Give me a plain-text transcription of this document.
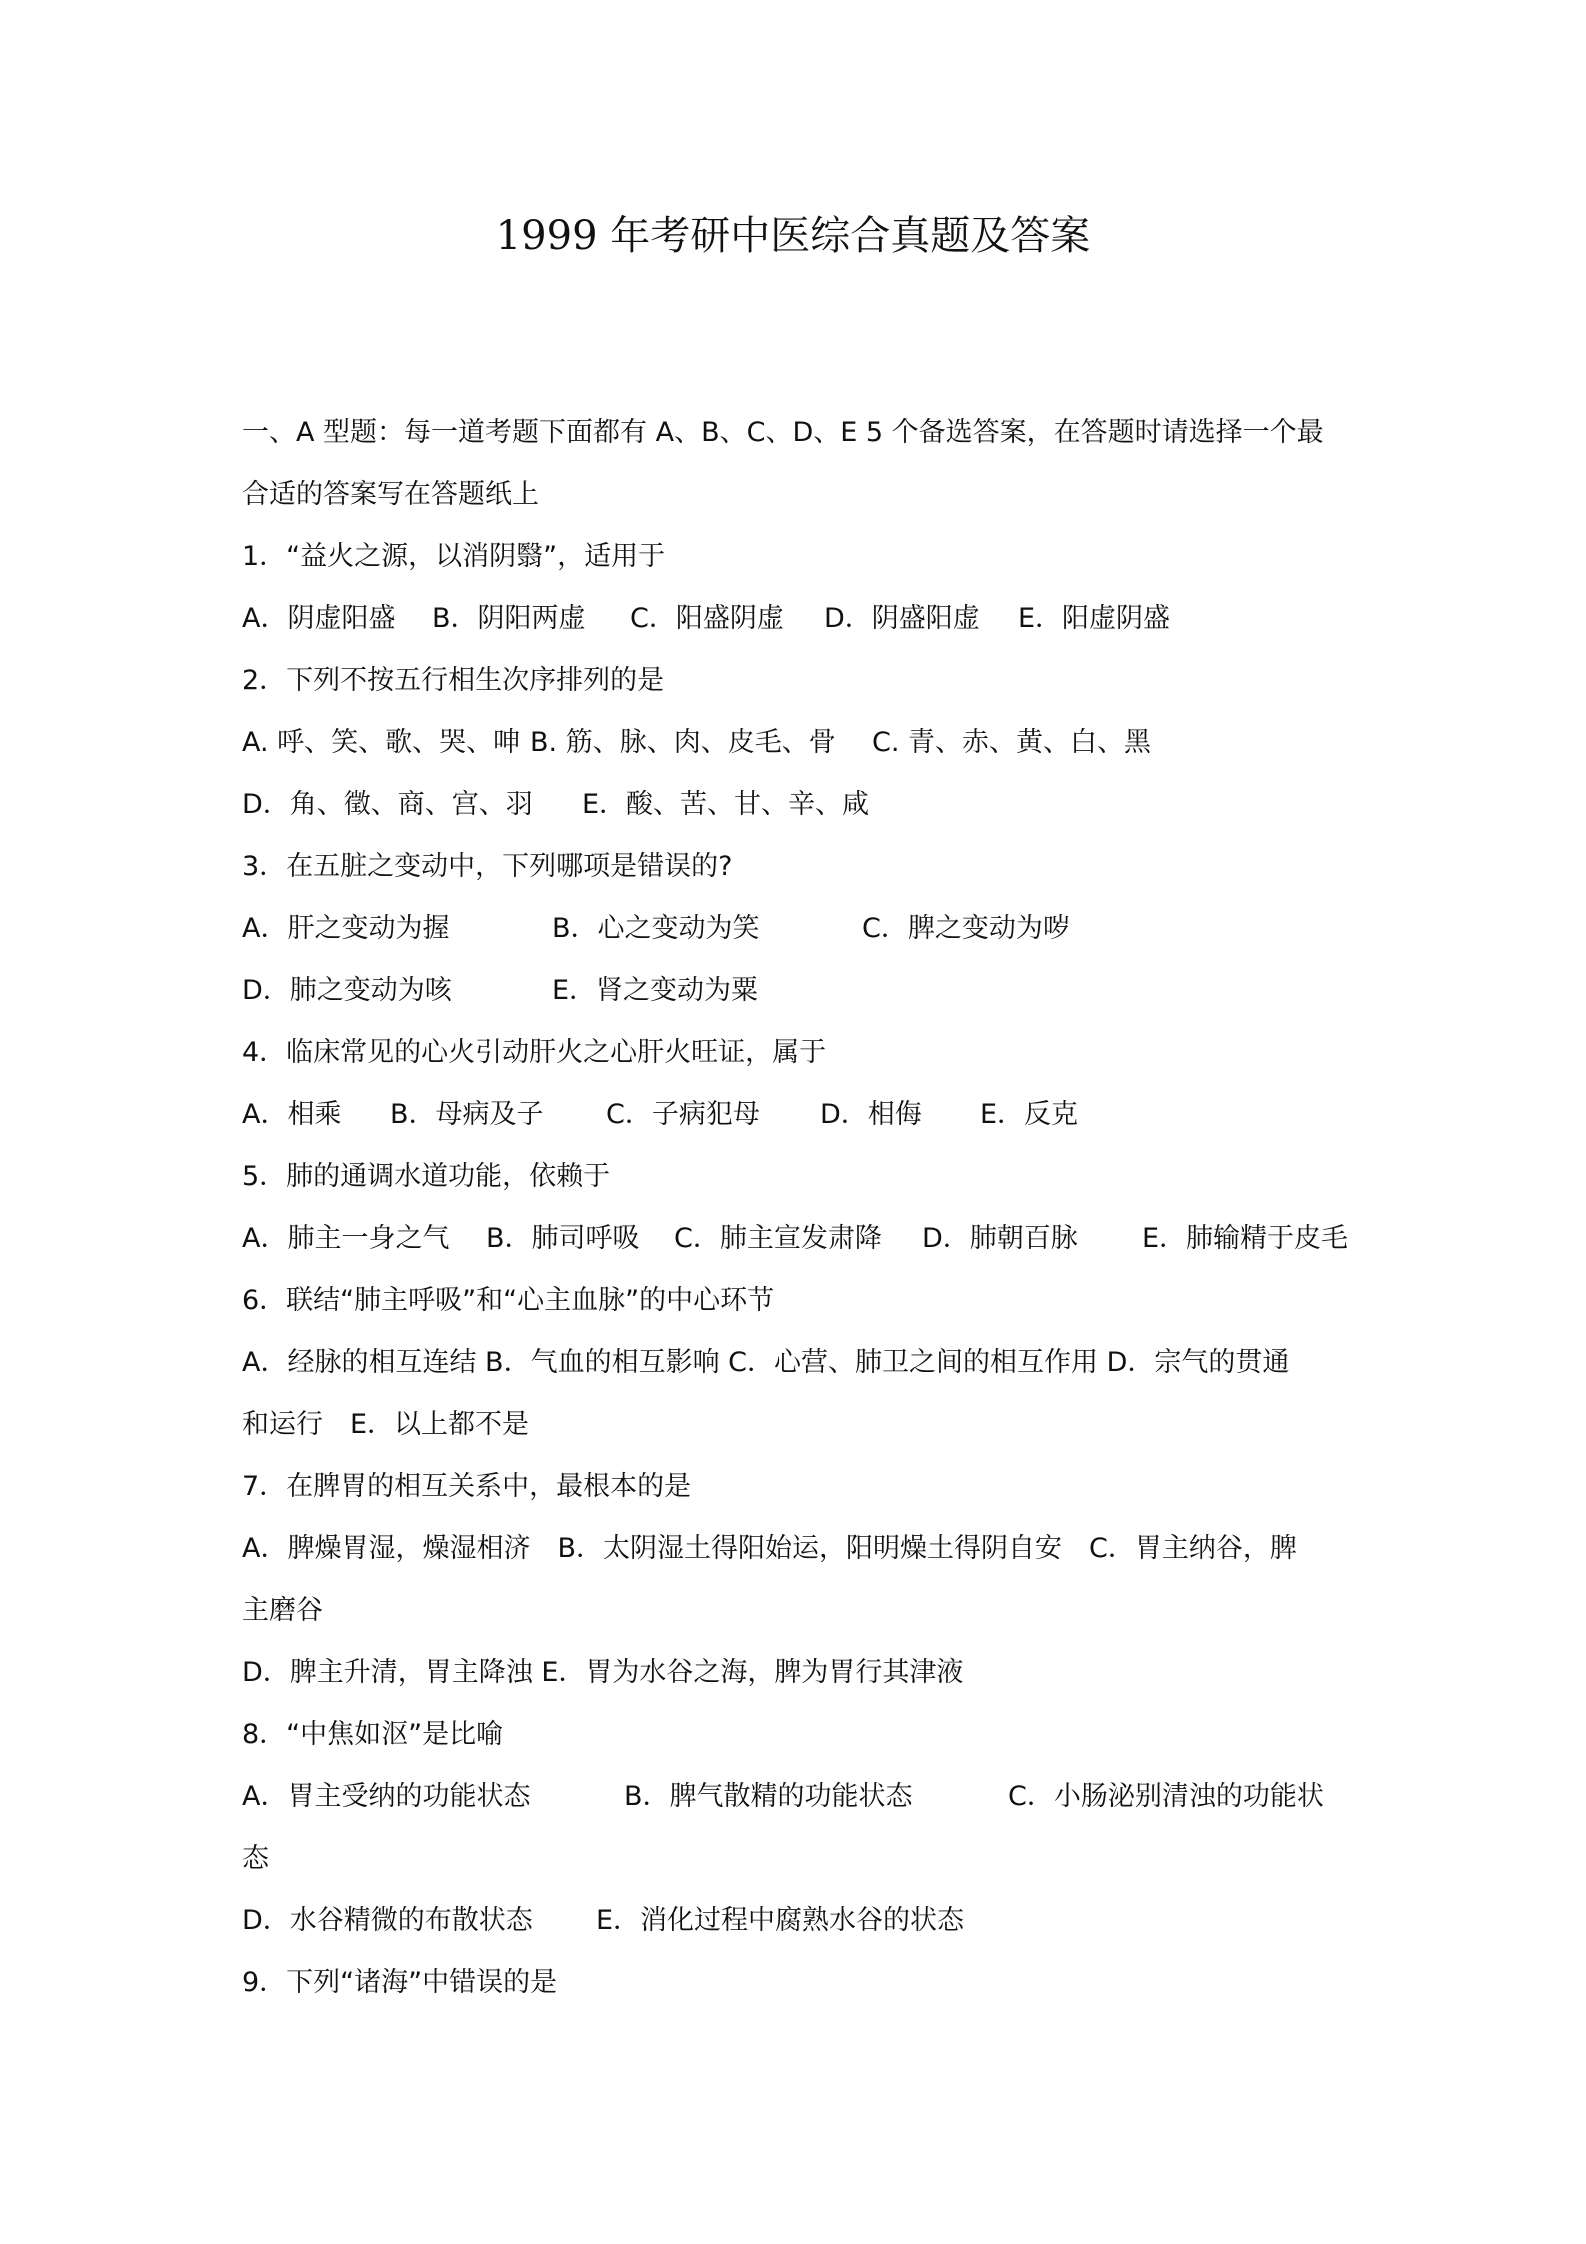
1999 年考研中医综合真题及答案
一、A 型题：每一道考题下面都有 A、B、C、D、E 5 个备选答案，在答题时请选择一个最
合适的答案写在答题纸上
1．“益火之源，以消阴翳”，适用于
A．阴虚阳盛 B．阴阳两虚 C．阳盛阴虚 D．阴盛阳虚 E．阳虚阴盛
2．下列不按五行相生次序排列的是
A. 呼、笑、歌、哭、呻 B. 筋、脉、肉、皮毛、骨 C. 青、赤、黄、白、黑
D．角、徵、商、宫、羽 E．酸、苦、甘、辛、咸
3．在五脏之变动中，下列哪项是错误的?
A．肝之变动为握	B．心之变动为笑	C．脾之变动为哕
D．肺之变动为咳	E．肾之变动为粟
4．临床常见的心火引动肝火之心肝火旺证，属于
A．相乘 B．母病及子 C．子病犯母 D．相侮 E．反克
5．肺的通调水道功能，依赖于
A．肺主一身之气 B．肺司呼吸 C．肺主宣发肃降 D．肺朝百脉 E．肺输精于皮毛
6．联结“肺主呼吸”和“心主血脉”的中心环节
A．经脉的相互连结 B．气血的相互影响 C．心营、肺卫之间的相互作用 D．宗气的贯通
和运行　E．以上都不是
7．在脾胃的相互关系中，最根本的是
A．脾燥胃湿，燥湿相济　B．太阴湿土得阳始运，阳明燥土得阴自安　C．胃主纳谷，脾
主磨谷
D．脾主升清，胃主降浊 E．胃为水谷之海，脾为胃行其津液
8．“中焦如沤”是比喻
A．胃主受纳的功能状态	B．脾气散精的功能状态	C．小肠泌别清浊的功能状
态
D．水谷精微的布散状态 E．消化过程中腐熟水谷的状态
9．下列“诸海”中错误的是
